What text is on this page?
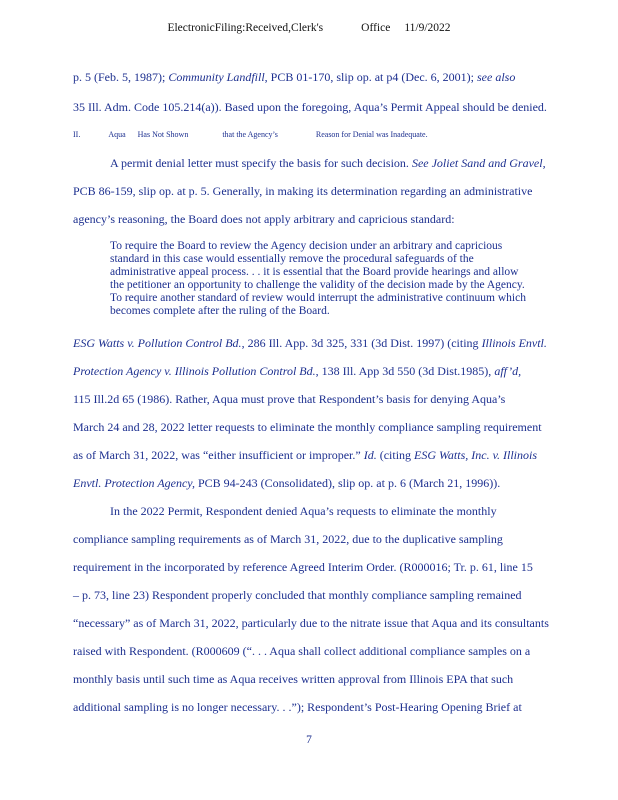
ElectronicFiling:Received,Clerk's	Office 11/9/2022
p. 5 (Feb. 5, 1987); Community Landfill, PCB 01-170, slip op. at p4 (Dec. 6, 2001); see also
35 Ill. Adm. Code 105.214(a)). Based upon the foregoing, Aqua’s Permit Appeal should be denied.
II.	Aqua Has Not Shown	that the Agency’s	Reason for Denial was Inadequate.
A permit denial letter must specify the basis for such decision. See Joliet Sand and Gravel,
PCB 86-159, slip op. at p. 5. Generally, in making its determination regarding an administrative
agency’s reasoning, the Board does not apply arbitrary and capricious standard:
To require the Board to review the Agency decision under an arbitrary and capricious
standard in this case would essentially remove the procedural safeguards of the
administrative appeal process. . . it is essential that the Board provide hearings and allow
the petitioner an opportunity to challenge the validity of the decision made by the Agency.
To require another standard of review would interrupt the administrative continuum which
becomes complete after the ruling of the Board.
ESG Watts v. Pollution Control Bd., 286 Ill. App. 3d 325, 331 (3d Dist. 1997) (citing Illinois Envtl.
Protection Agency v. Illinois Pollution Control Bd., 138 Ill. App 3d 550 (3d Dist.1985), aff’d,
115 Ill.2d 65 (1986). Rather, Aqua must prove that Respondent’s basis for denying Aqua’s
March 24 and 28, 2022 letter requests to eliminate the monthly compliance sampling requirement
as of March 31, 2022, was “either insufficient or improper.” Id. (citing ESG Watts, Inc. v. Illinois
Envtl. Protection Agency, PCB 94-243 (Consolidated), slip op. at p. 6 (March 21, 1996)).
In the 2022 Permit, Respondent denied Aqua’s requests to eliminate the monthly
compliance sampling requirements as of March 31, 2022, due to the duplicative sampling
requirement in the incorporated by reference Agreed Interim Order. (R000016; Tr. p. 61, line 15
– p. 73, line 23) Respondent properly concluded that monthly compliance sampling remained
“necessary” as of March 31, 2022, particularly due to the nitrate issue that Aqua and its consultants
raised with Respondent. (R000609 (“. . . Aqua shall collect additional compliance samples on a
monthly basis until such time as Aqua receives written approval from Illinois EPA that such
additional sampling is no longer necessary. . .”); Respondent’s Post-Hearing Opening Brief at
7
